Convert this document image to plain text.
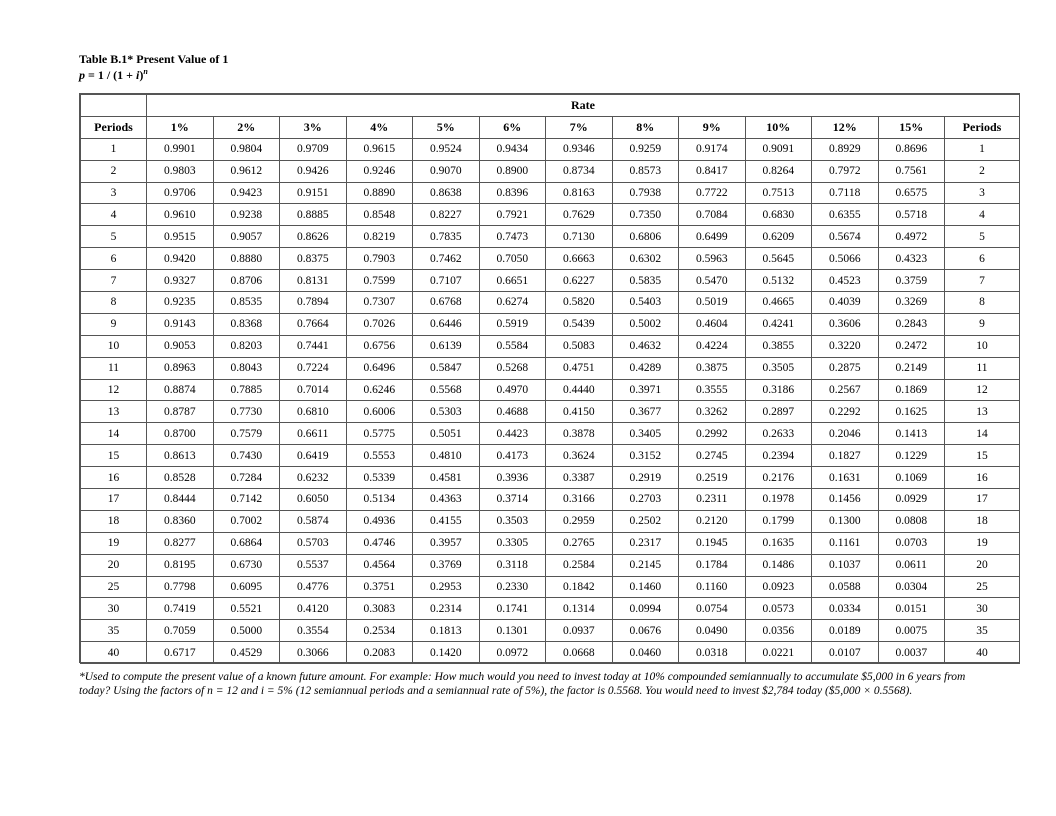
Table B.1* Present Value of 1
$p = 1 / (1 + i)^n$
	Rate												
Periods	1%	2%	3%	4%	5%	6%	7%	8%	9%	10%	12%	15%	Periods
1	0.9901	0.9804	0.9709	0.9615	0.9524	0.9434	0.9346	0.9259	0.9174	0.9091	0.8929	0.8696	1
2	0.9803	0.9612	0.9426	0.9246	0.9070	0.8900	0.8734	0.8573	0.8417	0.8264	0.7972	0.7561	2
3	0.9706	0.9423	0.9151	0.8890	0.8638	0.8396	0.8163	0.7938	0.7722	0.7513	0.7118	0.6575	3
4	0.9610	0.9238	0.8885	0.8548	0.8227	0.7921	0.7629	0.7350	0.7084	0.6830	0.6355	0.5718	4
5	0.9515	0.9057	0.8626	0.8219	0.7835	0.7473	0.7130	0.6806	0.6499	0.6209	0.5674	0.4972	5
6	0.9420	0.8880	0.8375	0.7903	0.7462	0.7050	0.6663	0.6302	0.5963	0.5645	0.5066	0.4323	6
7	0.9327	0.8706	0.8131	0.7599	0.7107	0.6651	0.6227	0.5835	0.5470	0.5132	0.4523	0.3759	7
8	0.9235	0.8535	0.7894	0.7307	0.6768	0.6274	0.5820	0.5403	0.5019	0.4665	0.4039	0.3269	8
9	0.9143	0.8368	0.7664	0.7026	0.6446	0.5919	0.5439	0.5002	0.4604	0.4241	0.3606	0.2843	9
10	0.9053	0.8203	0.7441	0.6756	0.6139	0.5584	0.5083	0.4632	0.4224	0.3855	0.3220	0.2472	10
11	0.8963	0.8043	0.7224	0.6496	0.5847	0.5268	0.4751	0.4289	0.3875	0.3505	0.2875	0.2149	11
12	0.8874	0.7885	0.7014	0.6246	0.5568	0.4970	0.4440	0.3971	0.3555	0.3186	0.2567	0.1869	12
13	0.8787	0.7730	0.6810	0.6006	0.5303	0.4688	0.4150	0.3677	0.3262	0.2897	0.2292	0.1625	13
14	0.8700	0.7579	0.6611	0.5775	0.5051	0.4423	0.3878	0.3405	0.2992	0.2633	0.2046	0.1413	14
15	0.8613	0.7430	0.6419	0.5553	0.4810	0.4173	0.3624	0.3152	0.2745	0.2394	0.1827	0.1229	15
16	0.8528	0.7284	0.6232	0.5339	0.4581	0.3936	0.3387	0.2919	0.2519	0.2176	0.1631	0.1069	16
17	0.8444	0.7142	0.6050	0.5134	0.4363	0.3714	0.3166	0.2703	0.2311	0.1978	0.1456	0.0929	17
18	0.8360	0.7002	0.5874	0.4936	0.4155	0.3503	0.2959	0.2502	0.2120	0.1799	0.1300	0.0808	18
19	0.8277	0.6864	0.5703	0.4746	0.3957	0.3305	0.2765	0.2317	0.1945	0.1635	0.1161	0.0703	19
20	0.8195	0.6730	0.5537	0.4564	0.3769	0.3118	0.2584	0.2145	0.1784	0.1486	0.1037	0.0611	20
25	0.7798	0.6095	0.4776	0.3751	0.2953	0.2330	0.1842	0.1460	0.1160	0.0923	0.0588	0.0304	25
30	0.7419	0.5521	0.4120	0.3083	0.2314	0.1741	0.1314	0.0994	0.0754	0.0573	0.0334	0.0151	30
35	0.7059	0.5000	0.3554	0.2534	0.1813	0.1301	0.0937	0.0676	0.0490	0.0356	0.0189	0.0075	35
40	0.6717	0.4529	0.3066	0.2083	0.1420	0.0972	0.0668	0.0460	0.0318	0.0221	0.0107	0.0037	40
*Used to compute the present value of a known future amount. For example: How much would you need to invest today at 10% compounded semiannually to accumulate $5,000 in 6 years from today? Using the factors of n = 12 and i = 5% (12 semiannual periods and a semiannual rate of 5%), the factor is 0.5568. You would need to invest $2,784 today ($5,000 × 0.5568).
